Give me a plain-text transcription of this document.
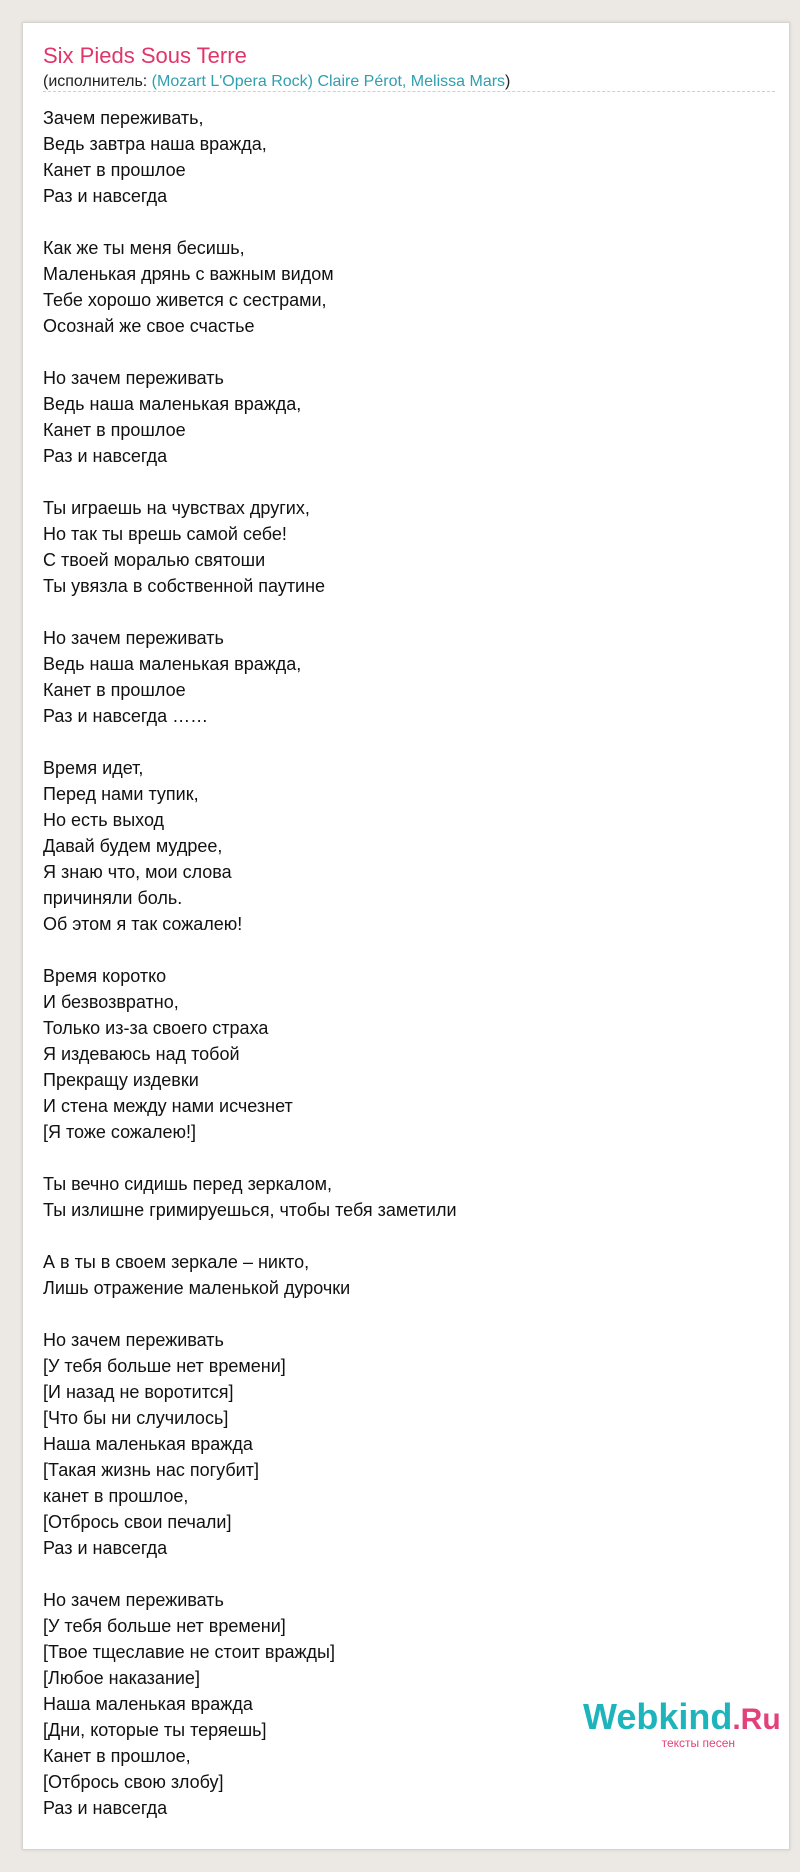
Six Pieds Sous Terre
(исполнитель: (Mozart L'Opera Rock) Claire Pérot, Melissa Mars)
Зачем переживать,
Ведь завтра наша вражда,
Канет в прошлое
Раз и навсегда
Как же ты меня бесишь,
Маленькая дрянь с важным видом
Тебе хорошо живется с сестрами,
Осознай же свое счастье
Но зачем переживать
Ведь наша маленькая вражда,
Канет в прошлое
Раз и навсегда
Ты играешь на чувствах других,
Но так ты врешь самой себе!
С твоей моралью святоши
Ты увязла в собственной паутине
Но зачем переживать
Ведь наша маленькая вражда,
Канет в прошлое
Раз и навсегда ……
Время идет,
Перед нами тупик,
Но есть выход
Давай будем мудрее,
Я знаю что, мои слова
причиняли боль.
Об этом я так сожалею!
Время коротко
И безвозвратно,
Только из-за своего страха
Я издеваюсь над тобой
Прекращу издевки
И стена между нами исчезнет
[Я тоже сожалею!]
Ты вечно сидишь перед зеркалом,
Ты излишне гримируешься, чтобы тебя заметили
А в ты в своем зеркале – никто,
Лишь отражение маленькой дурочки
Но зачем переживать
[У тебя больше нет времени]
[И назад не воротится]
[Что бы ни случилось]
Наша маленькая вражда
[Такая жизнь нас погубит]
канет в прошлое,
[Отбрось свои печали]
Раз и навсегда
Но зачем переживать
[У тебя больше нет времени]
[Твое тщеславие не стоит вражды]
[Любое наказание]
Наша маленькая вражда
[Дни, которые ты теряешь]
Канет в прошлое,
[Отбрось свою злобу]
Раз и навсегда
Webkind.Ru
тексты песен
